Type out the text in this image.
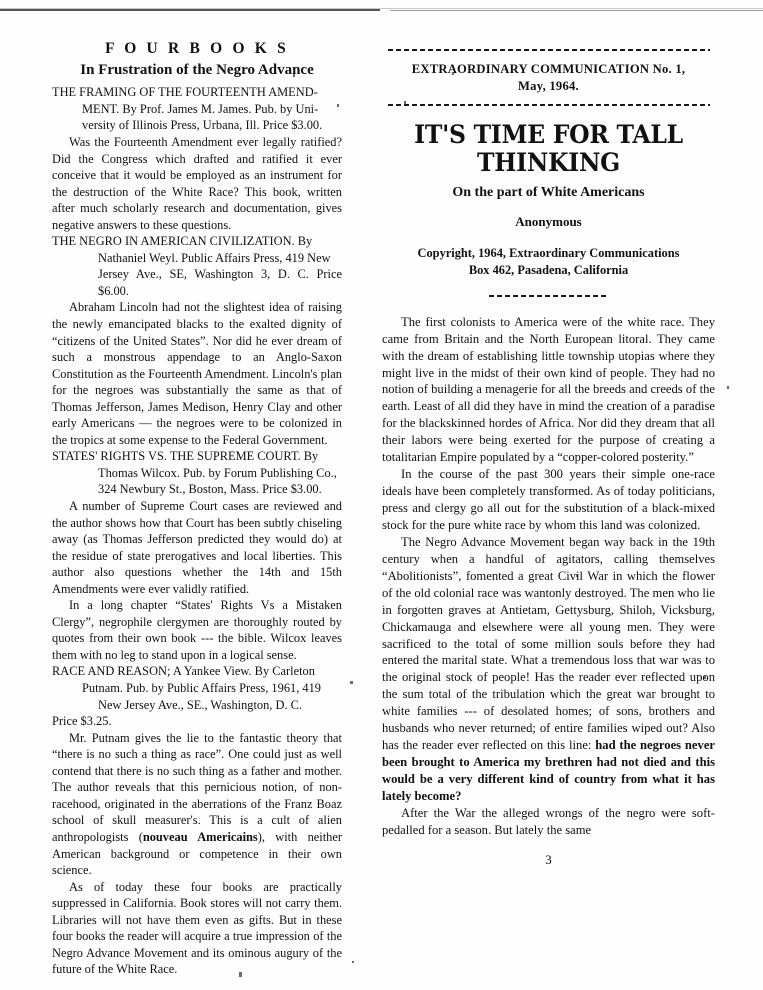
F O U R B O O K S
In Frustration of the Negro Advance
THE FRAMING OF THE FOURTEENTH AMEND-
MENT. By Prof. James M. James. Pub. by Uni-
versity of Illinois Press, Urbana, Ill. Price $3.00.

Was the Fourteenth Amendment ever legally ratified? Did the Congress which drafted and ratified it ever conceive that it would be employed as an instrument for the destruction of the White Race? This book, written after much scholarly research and documentation, gives negative answers to these questions.

THE NEGRO IN AMERICAN CIVILIZATION. By
Nathaniel Weyl. Public Affairs Press, 419 New
Jersey Ave., SE, Washington 3, D. C. Price $6.00.

Abraham Lincoln had not the slightest idea of raising the newly emancipated blacks to the exalted dignity of “citizens of the United States”. Nor did he ever dream of such a monstrous appendage to an Anglo-Saxon Constitution as the Fourteenth Amendment. Lincoln's plan for the negroes was substantially the same as that of Thomas Jefferson, James Medison, Henry Clay and other early Americans — the negroes were to be colonized in the tropics at some expense to the Federal Government.

STATES' RIGHTS VS. THE SUPREME COURT. By
Thomas Wilcox. Pub. by Forum Publishing Co.,
324 Newbury St., Boston, Mass. Price $3.00.

A number of Supreme Court cases are reviewed and the author shows how that Court has been subtly chiseling away (as Thomas Jefferson predicted they would do) at the residue of state prerogatives and local liberties. This author also questions whether the 14th and 15th Amendments were ever validly ratified.

In a long chapter “States' Rights Vs a Mistaken Clergy”, negrophile clergymen are thoroughly routed by quotes from their own book --- the bible. Wilcox leaves them with no leg to stand upon in a logical sense.

RACE AND REASON; A Yankee View. By Carleton
Putnam. Pub. by Public Affairs Press, 1961, 419
New Jersey Ave., SE., Washington, D. C.
Price $3.25.

Mr. Putnam gives the lie to the fantastic theory that “there is no such a thing as race”. One could just as well contend that there is no such thing as a father and mother. The author reveals that this pernicious notion, of non-racehood, originated in the aberrations of the Franz Boaz school of skull measurer's. This is a cult of alien anthropologists (nouveau Americains), with neither American background or competence in their own science.

As of today these four books are practically suppressed in California. Book stores will not carry them. Libraries will not have them even as gifts. But in these four books the reader will acquire a true impression of the Negro Advance Movement and its ominous augury of the future of the White Race.

EXTRAORDINARY COMMUNICATION No. 1,
May, 1964.
IT'S TIME FOR TALL THINKING
On the part of White Americans
Anonymous
Copyright, 1964, Extraordinary Communications
Box 462, Pasadena, California

The first colonists to America were of the white race. They came from Britain and the North European litoral. They came with the dream of establishing little township utopias where they might live in the midst of their own kind of people. They had no notion of building a menagerie for all the breeds and creeds of the earth. Least of all did they have in mind the creation of a paradise for the blackskinned hordes of Africa. Nor did they dream that all their labors were being exerted for the purpose of creating a totalitarian Empire populated by a “copper-colored posterity.”

In the course of the past 300 years their simple one-race ideals have been completely transformed. As of today politicians, press and clergy go all out for the substitution of a black-mixed stock for the pure white race by whom this land was colonized.

The Negro Advance Movement began way back in the 19th century when a handful of agitators, calling themselves “Abolitionists”, fomented a great Civil War in which the flower of the old colonial race was wantonly destroyed. The men who lie in forgotten graves at Antietam, Gettysburg, Shiloh, Vicksburg, Chickamauga and elsewhere were all young men. They were sacrificed to the total of some million souls before they had entered the marital state. What a tremendous loss that war was to the original stock of people! Has the reader ever reflected upon the sum total of the tribulation which the great war brought to white families --- of desolated homes; of sons, brothers and husbands who never returned; of entire families wiped out? Also has the reader ever reflected on this line: had the negroes never been brought to America my brethren had not died and this would be a very different kind of country from what it has lately become?

After the War the alleged wrongs of the negro were soft-pedalled for a season. But lately the same

3
